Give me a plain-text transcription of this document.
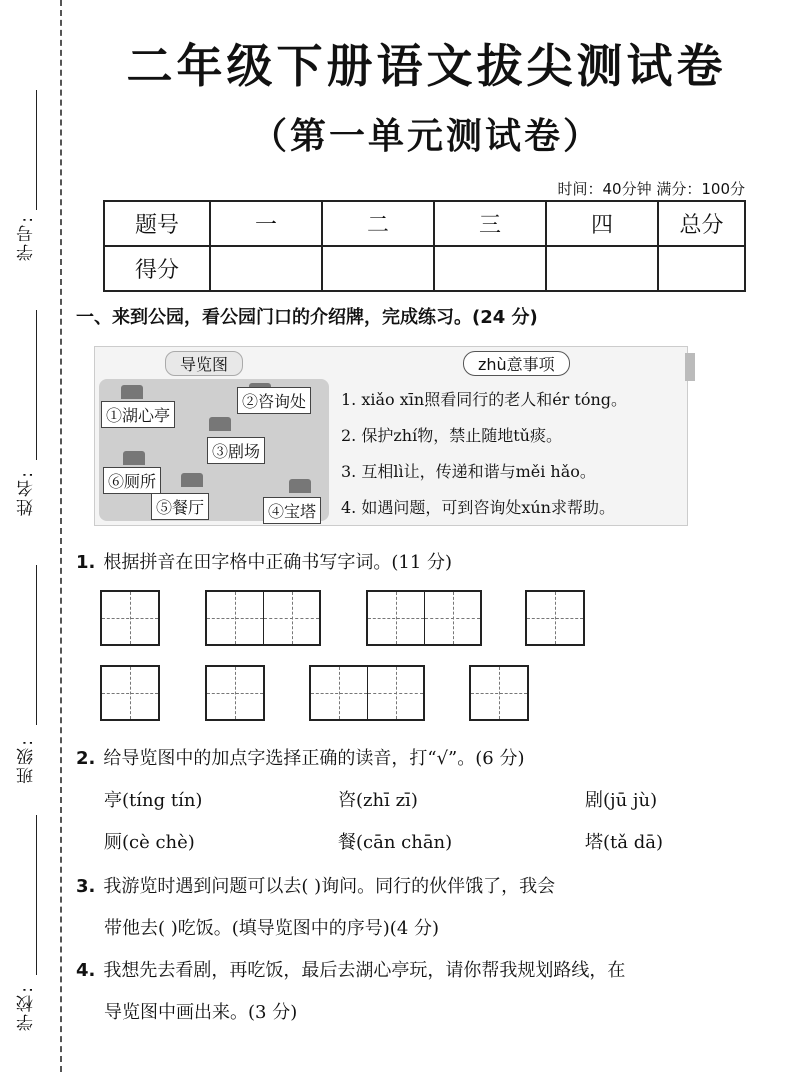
学号:
姓名:
班级:
学校:
二年级下册语文拔尖测试卷
（第一单元测试卷）
时间：40分钟 满分：100分
题号	一	二	三	四	总分
得分					
一、来到公园，看公园门口的介绍牌，完成练习。(24 分)
导览图
①湖心亭
②咨询处
③剧场
④宝塔
⑤餐厅
⑥厕所
zhù意事项
1. xiǎo xīn照看同行的老人和ér tóng。
2. 保护zhí物，禁止随地tǔ痰。
3. 互相lì让，传递和谐与měi hǎo。
4. 如遇问题，可到咨询处xún求帮助。
1. 根据拼音在田字格中正确书写字词。(11 分)
2. 给导览图中的加点字选择正确的读音，打“√”。(6 分)
亭(tíng tín)	咨(zhī zī)	剧(jū jù)
厕(cè chè)	餐(cān chān)	塔(tǎ dā)
3. 我游览时遇到问题可以去( )询问。同行的伙伴饿了，我会
带他去( )吃饭。(填导览图中的序号)(4 分)
4. 我想先去看剧，再吃饭，最后去湖心亭玩，请你帮我规划路线，在
导览图中画出来。(3 分)
